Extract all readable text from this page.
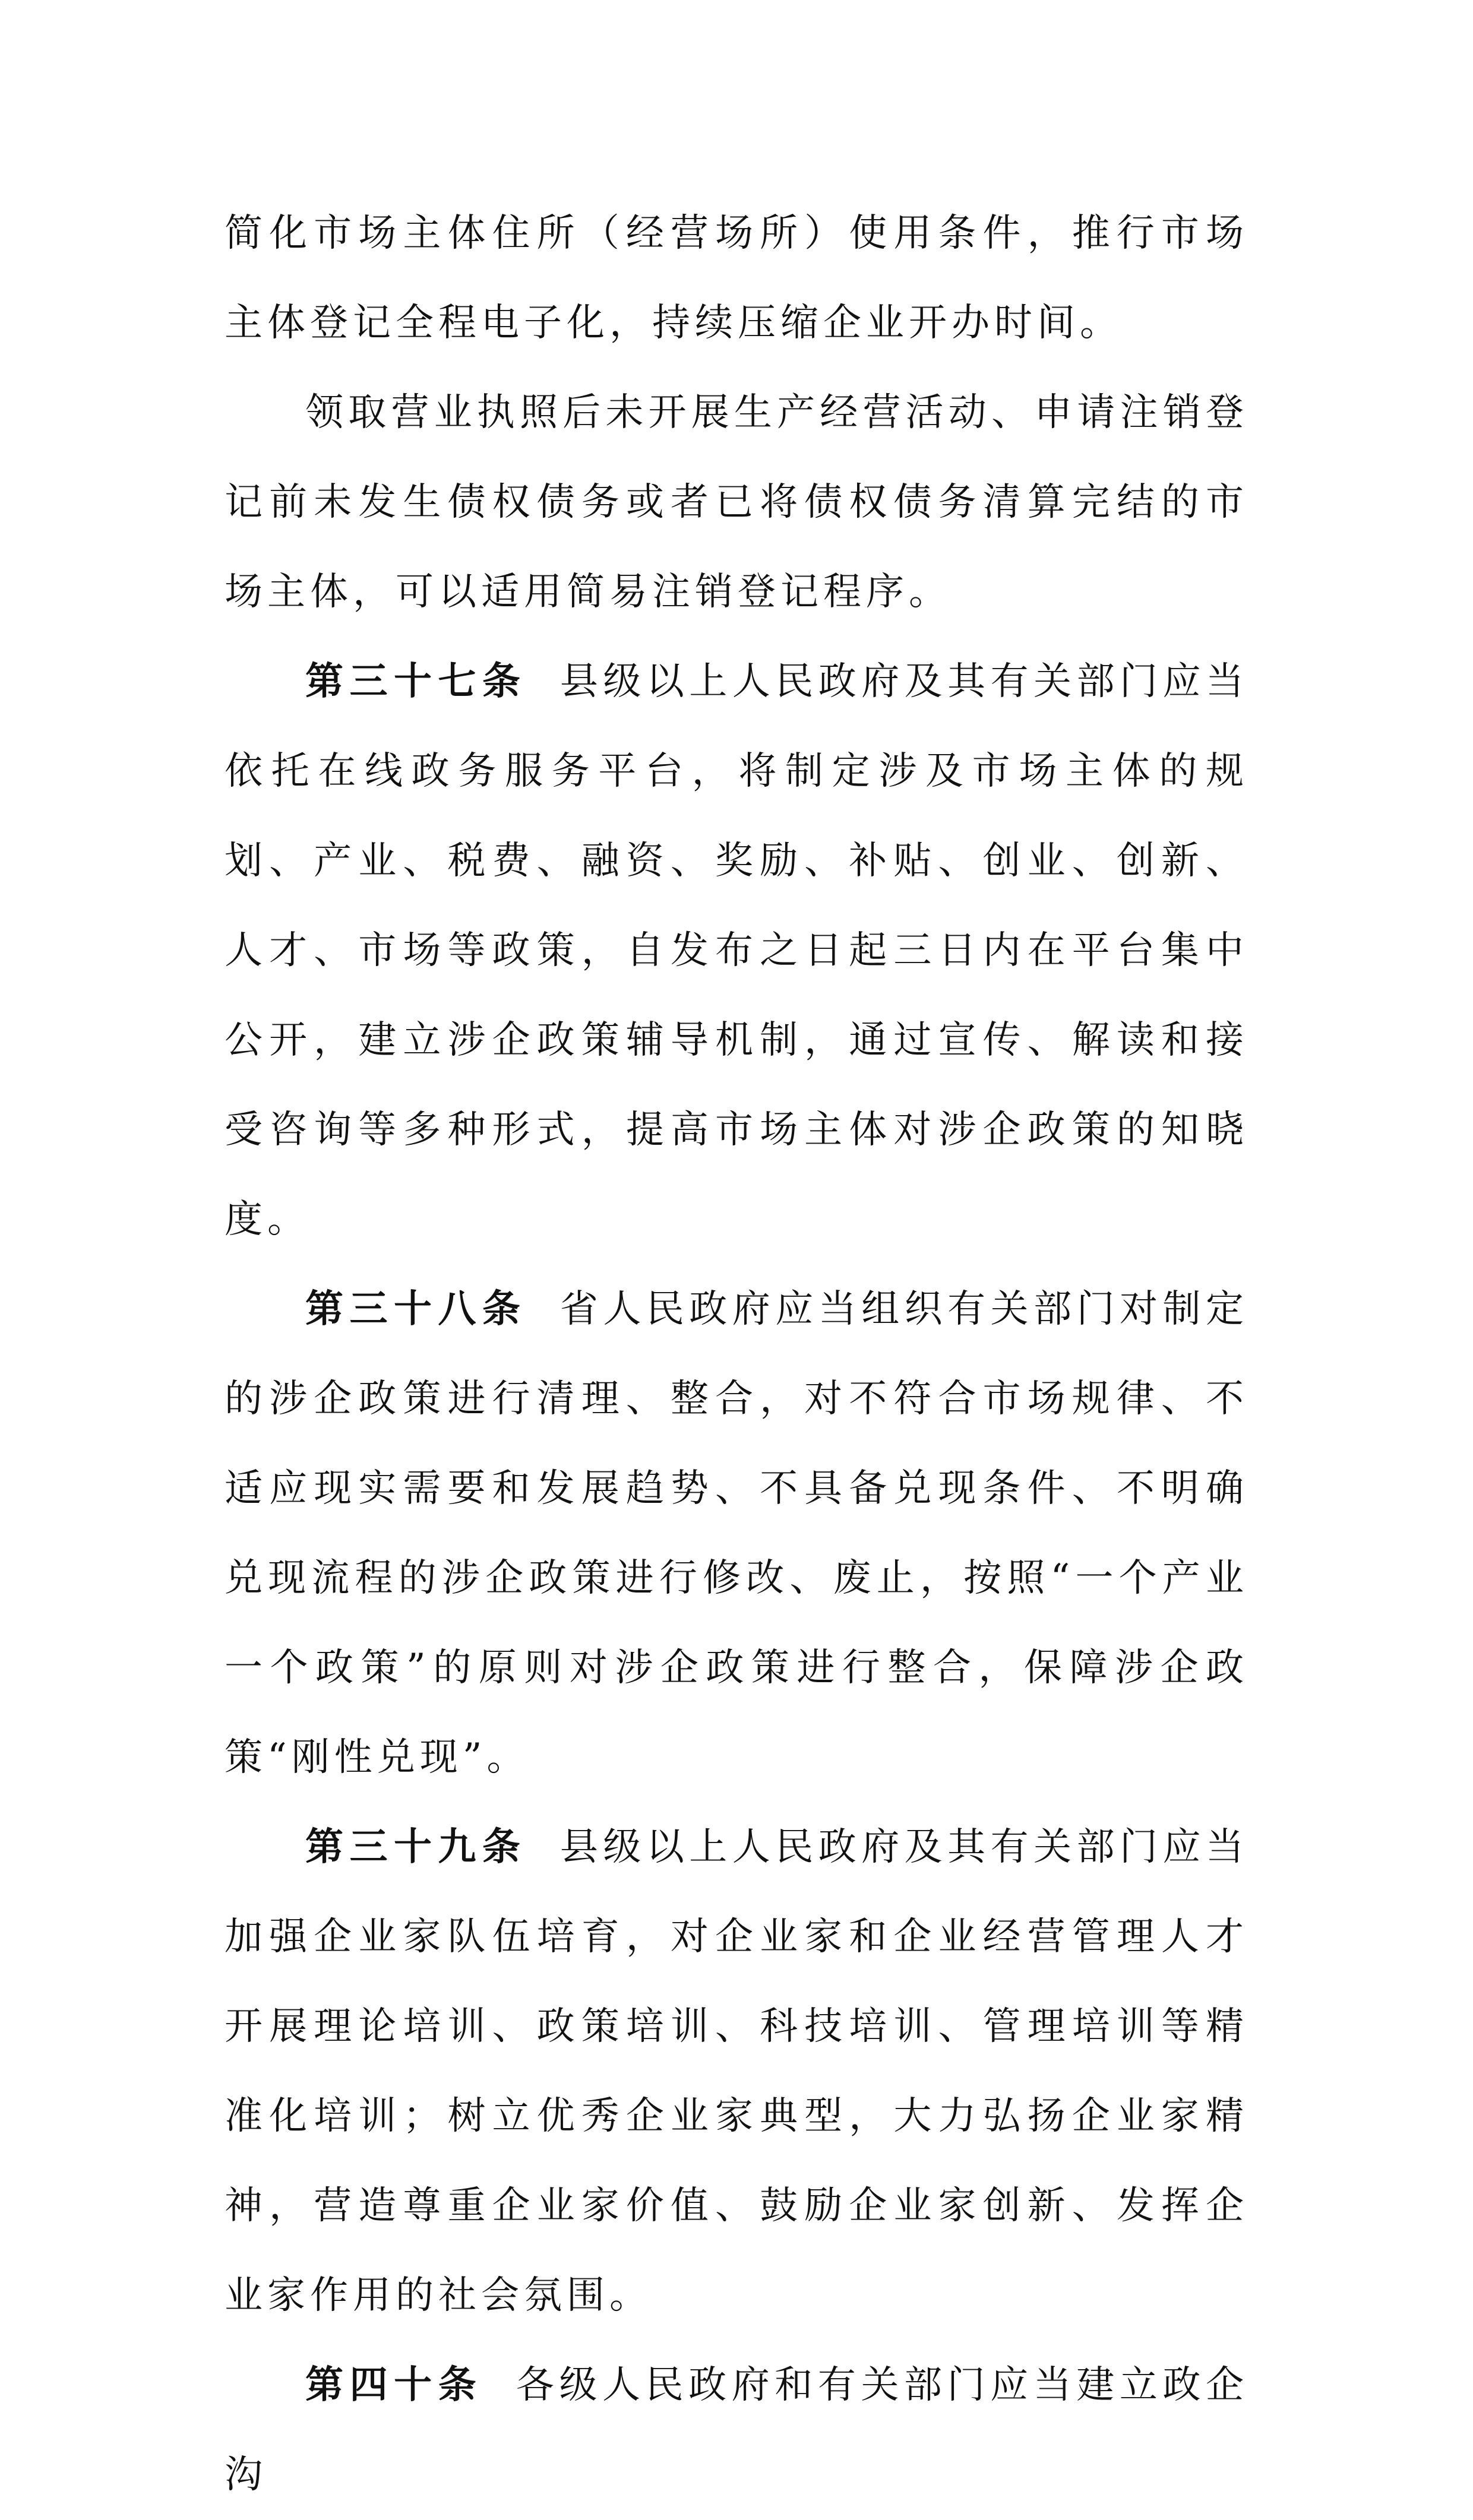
简化市场主体住所（经营场所）使用条件，推行市场主体登记全程电子化，持续压缩企业开办时间。

领取营业执照后未开展生产经营活动、申请注销登记前未发生债权债务或者已将债权债务清算完结的市场主体，可以适用简易注销登记程序。

第三十七条 县级以上人民政府及其有关部门应当依托在线政务服务平台，将制定涉及市场主体的规划、产业、税费、融资、奖励、补贴、创业、创新、人才、市场等政策，自发布之日起三日内在平台集中公开，建立涉企政策辅导机制，通过宣传、解读和接受咨询等多种形式，提高市场主体对涉企政策的知晓度。

第三十八条 省人民政府应当组织有关部门对制定的涉企政策进行清理、整合，对不符合市场规律、不适应现实需要和发展趋势、不具备兑现条件、不明确兑现流程的涉企政策进行修改、废止，按照“一个产业一个政策”的原则对涉企政策进行整合，保障涉企政策“刚性兑现”。

第三十九条 县级以上人民政府及其有关部门应当加强企业家队伍培育，对企业家和企业经营管理人才开展理论培训、政策培训、科技培训、管理培训等精准化培训；树立优秀企业家典型，大力弘扬企业家精神，营造尊重企业家价值、鼓励企业家创新、发挥企业家作用的社会氛围。

第四十条 各级人民政府和有关部门应当建立政企沟
